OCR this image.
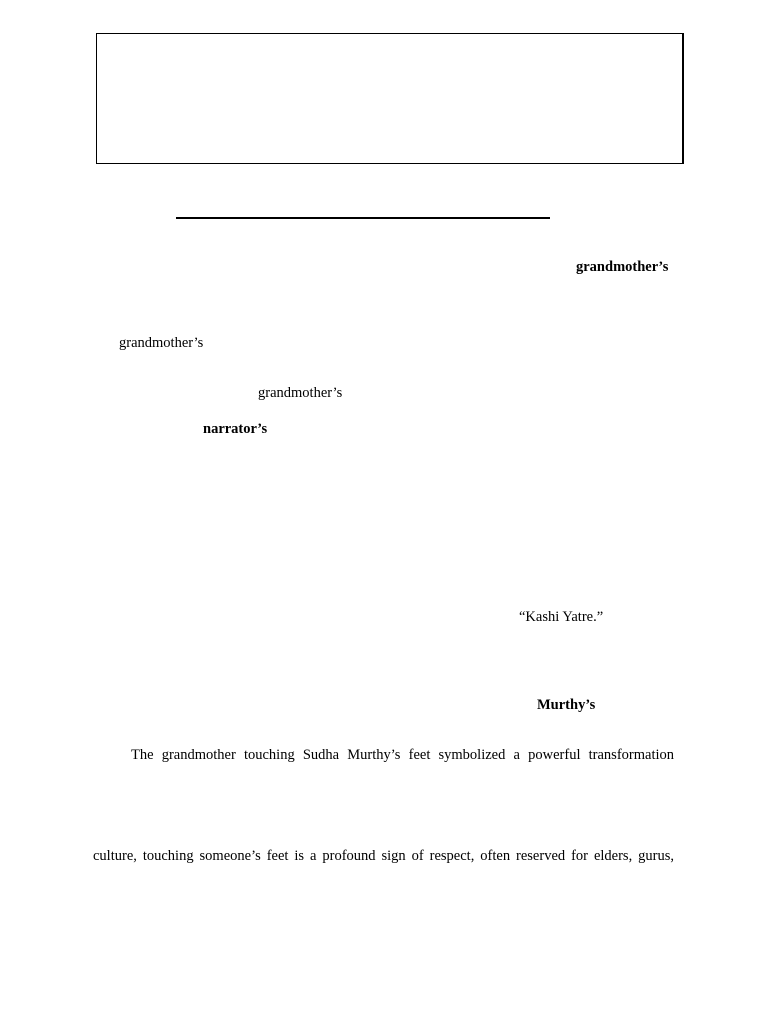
grandmother’s
grandmother’s
grandmother’s
narrator’s
“Kashi Yatre.”
Murthy’s
The grandmother touching Sudha Murthy’s feet symbolized a powerful transformation
culture, touching someone’s feet is a profound sign of respect, often reserved for elders, gurus,
